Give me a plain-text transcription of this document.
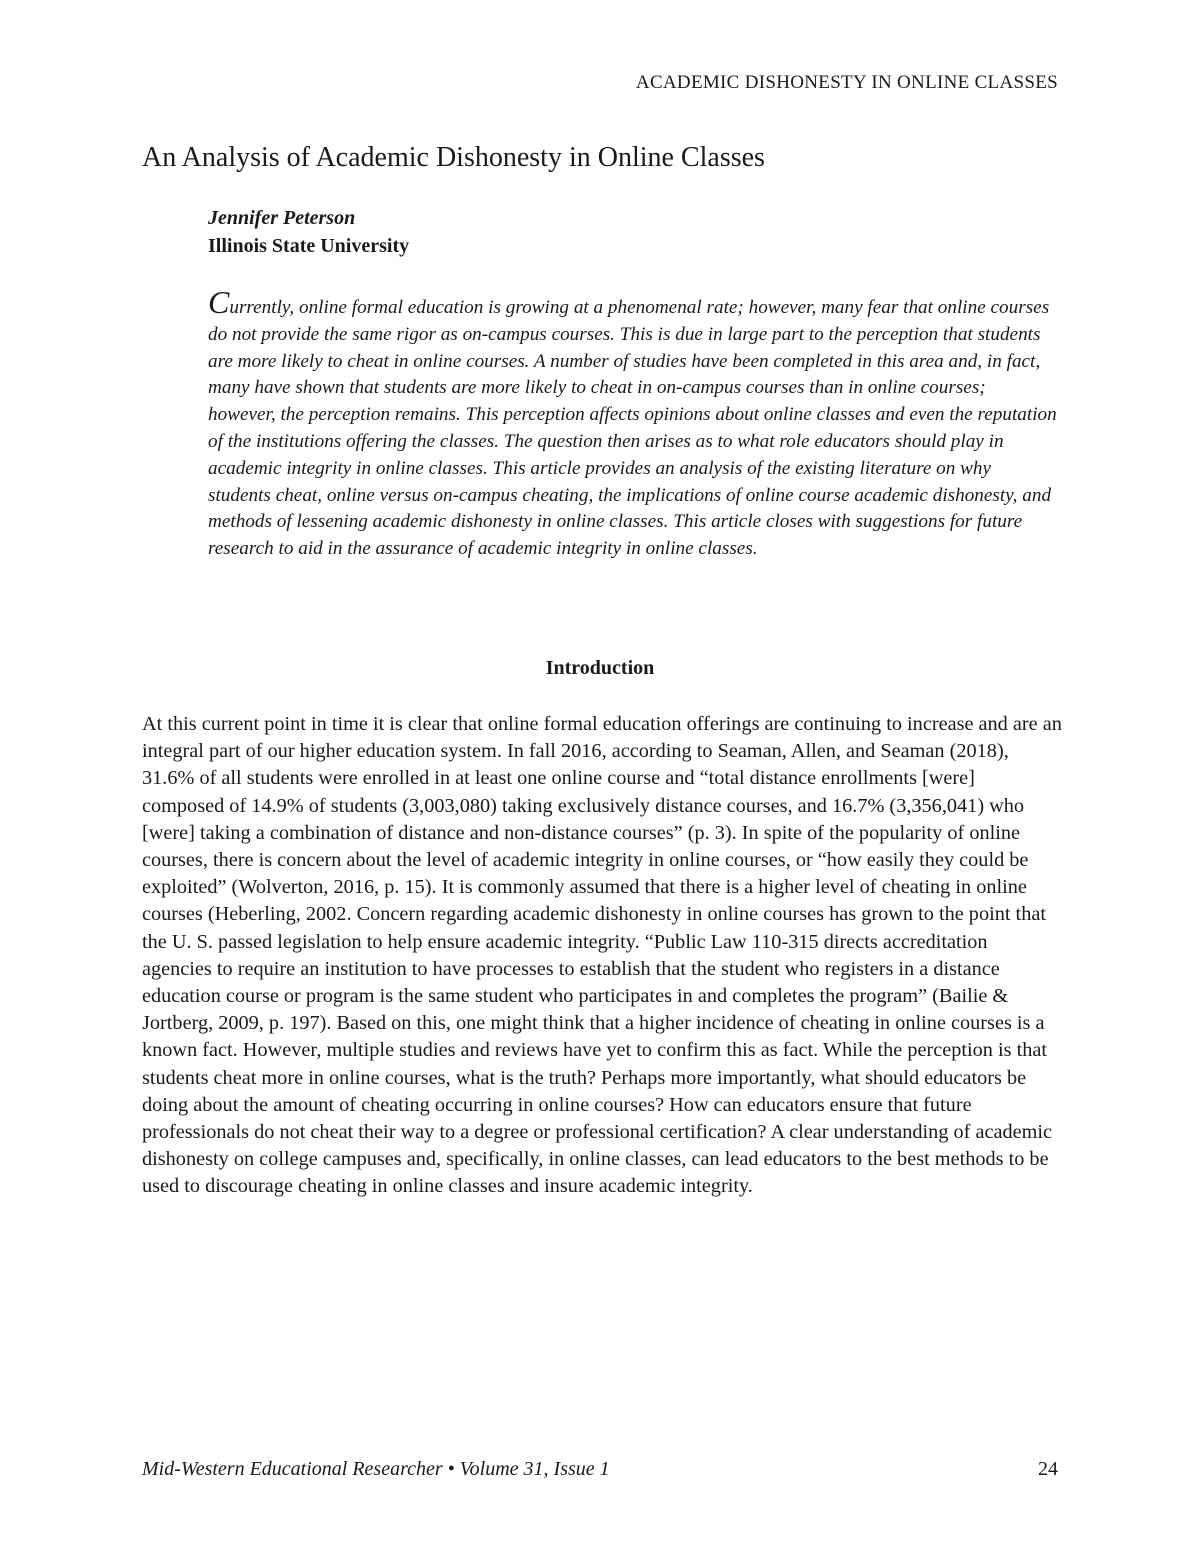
ACADEMIC DISHONESTY IN ONLINE CLASSES
An Analysis of Academic Dishonesty in Online Classes
Jennifer Peterson
Illinois State University

Currently, online formal education is growing at a phenomenal rate; however, many fear that online courses do not provide the same rigor as on-campus courses. This is due in large part to the perception that students are more likely to cheat in online courses. A number of studies have been completed in this area and, in fact, many have shown that students are more likely to cheat in on-campus courses than in online courses; however, the perception remains. This perception affects opinions about online classes and even the reputation of the institutions offering the classes. The question then arises as to what role educators should play in academic integrity in online classes. This article provides an analysis of the existing literature on why students cheat, online versus on-campus cheating, the implications of online course academic dishonesty, and methods of lessening academic dishonesty in online classes. This article closes with suggestions for future research to aid in the assurance of academic integrity in online classes.

Introduction

At this current point in time it is clear that online formal education offerings are continuing to increase and are an integral part of our higher education system. In fall 2016, according to Seaman, Allen, and Seaman (2018), 31.6% of all students were enrolled in at least one online course and “total distance enrollments [were] composed of 14.9% of students (3,003,080) taking exclusively distance courses, and 16.7% (3,356,041) who [were] taking a combination of distance and non-distance courses” (p. 3). In spite of the popularity of online courses, there is concern about the level of academic integrity in online courses, or “how easily they could be exploited” (Wolverton, 2016, p. 15). It is commonly assumed that there is a higher level of cheating in online courses (Heberling, 2002. Concern regarding academic dishonesty in online courses has grown to the point that the U. S. passed legislation to help ensure academic integrity. “Public Law 110-315 directs accreditation agencies to require an institution to have processes to establish that the student who registers in a distance education course or program is the same student who participates in and completes the program” (Bailie & Jortberg, 2009, p. 197). Based on this, one might think that a higher incidence of cheating in online courses is a known fact. However, multiple studies and reviews have yet to confirm this as fact. While the perception is that students cheat more in online courses, what is the truth? Perhaps more importantly, what should educators be doing about the amount of cheating occurring in online courses? How can educators ensure that future professionals do not cheat their way to a degree or professional certification? A clear understanding of academic dishonesty on college campuses and, specifically, in online classes, can lead educators to the best methods to be used to discourage cheating in online classes and insure academic integrity.

Mid-Western Educational Researcher • Volume 31, Issue 1	24
